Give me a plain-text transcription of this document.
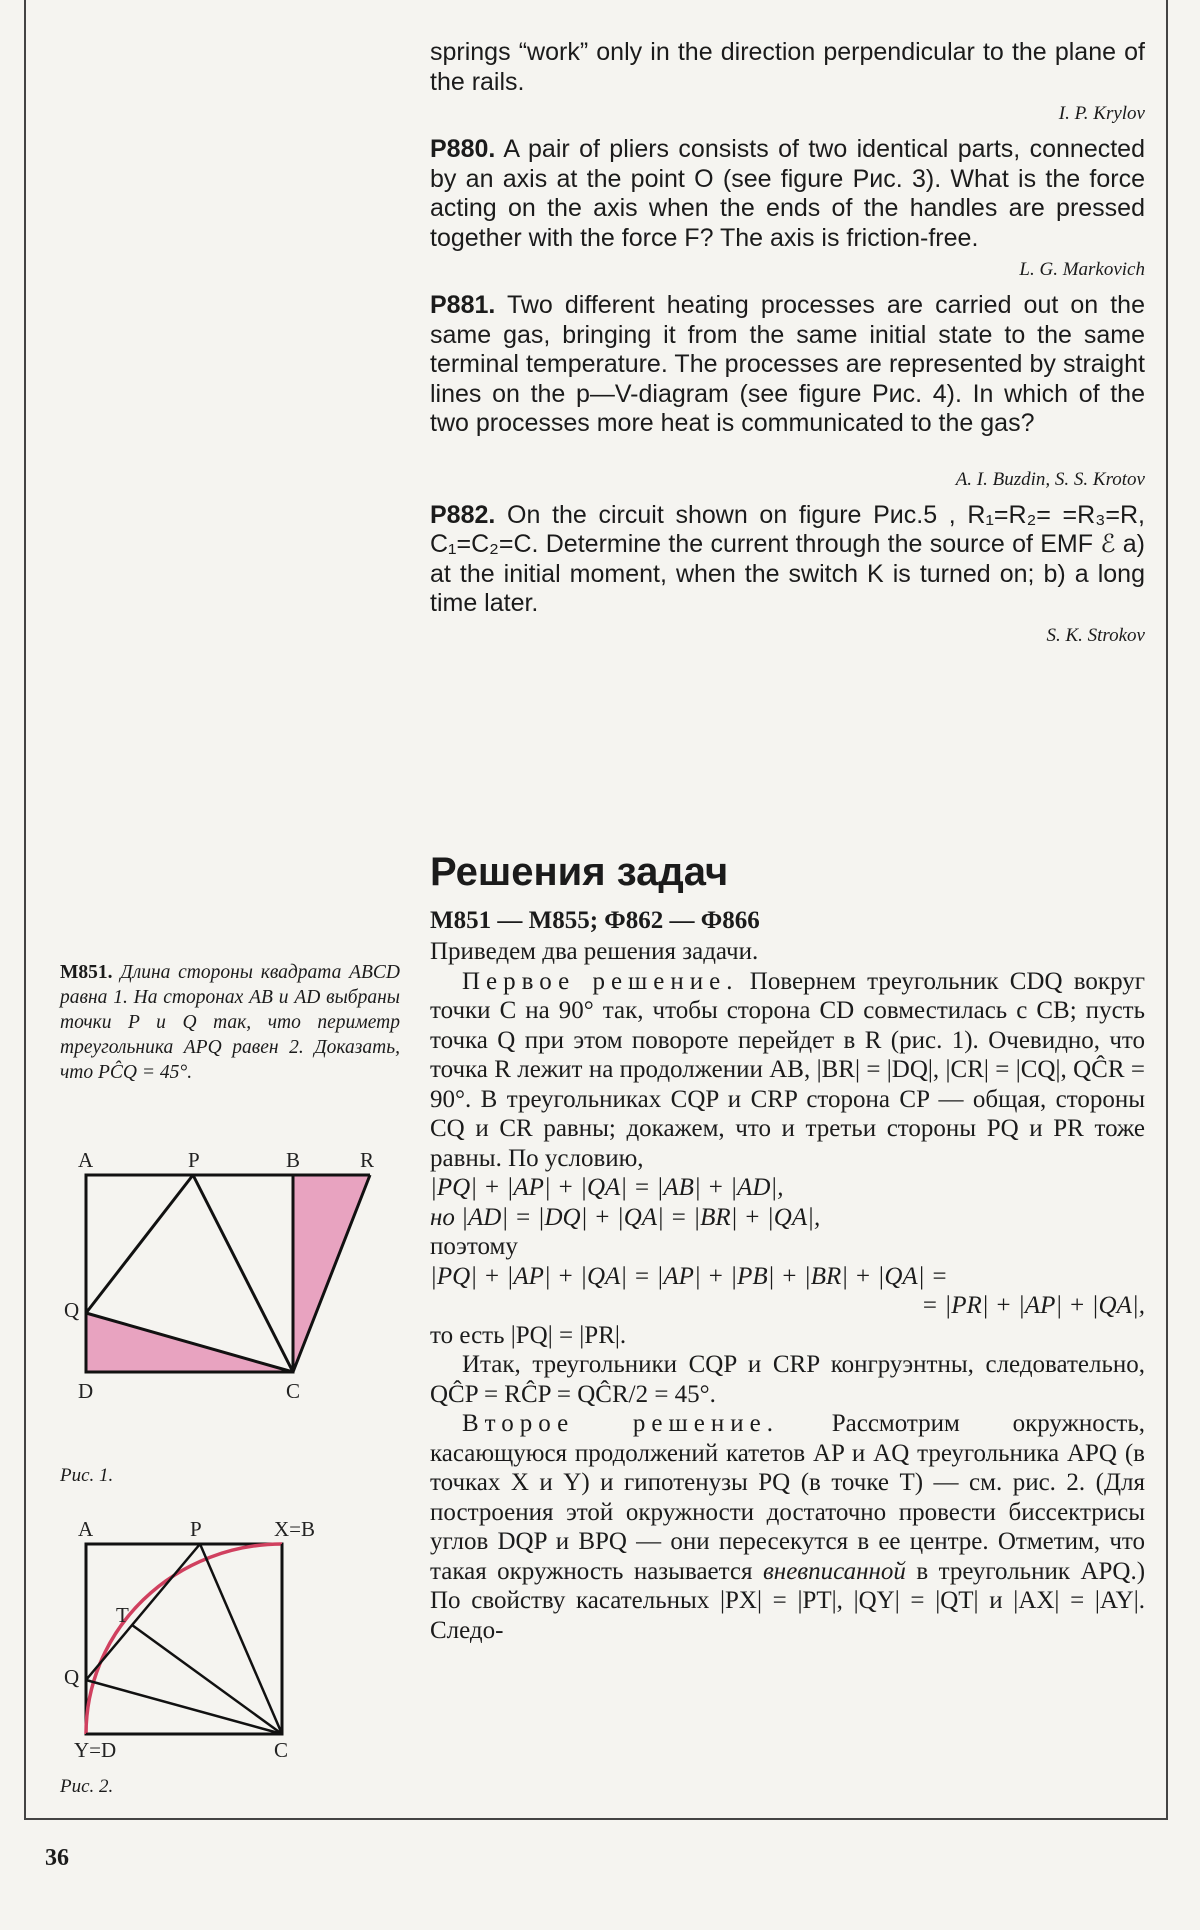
springs “work” only in the direction perpendicular to the plane of the rails.

I. P. Krylov

P880. A pair of pliers consists of two identical parts, connected by an axis at the point O (see figure Рис. 3). What is the force acting on the axis when the ends of the handles are pressed together with the force F? The axis is friction-free.

L. G. Markovich

P881. Two different heating processes are carried out on the same gas, bringing it from the same initial state to the same terminal temperature. The processes are represented by straight lines on the p—V-diagram (see figure Рис. 4). In which of the two processes more heat is communicated to the gas?

A. I. Buzdin, S. S. Krotov

P882. On the circuit shown on figure Рис.5 , R₁=R₂= =R₃=R, C₁=C₂=C. Determine the current through the source of EMF ℰ a) at the initial moment, when the switch K is turned on; b) a long time later.

S. K. Strokov

Решения задач

М851 — М855; Ф862 — Ф866

Приведем два решения задачи.

Первое решение. Повернем треугольник CDQ вокруг точки C на 90° так, чтобы сторона CD совместилась с CB; пусть точка Q при этом повороте перейдет в R (рис. 1). Очевидно, что точка R лежит на продолжении AB, |BR| = |DQ|, |CR| = |CQ|, QĈR = 90°. В треугольниках CQP и CRP сторона CP — общая, стороны CQ и CR равны; докажем, что и третьи стороны PQ и PR тоже равны. По условию,

|PQ| + |AP| + |QA| = |AB| + |AD|,

но |AD| = |DQ| + |QA| = |BR| + |QA|,

поэтому

|PQ| + |AP| + |QA| = |AP| + |PB| + |BR| + |QA| =

= |PR| + |AP| + |QA|,

то есть |PQ| = |PR|.

Итак, треугольники CQP и CRP конгруэнтны, следовательно, QĈP = RĈP = QĈR/2 = 45°.

Второе решение. Рассмотрим окружность, касающуюся продолжений катетов AP и AQ треугольника APQ (в точках X и Y) и гипотенузы PQ (в точке T) — см. рис. 2. (Для построения этой окружности достаточно провести биссектрисы углов DQP и BPQ — они пересекутся в ее центре. Отметим, что такая окружность называется вневписанной в треугольник APQ.) По свойству касательных |PX| = |PT|, |QY| = |QT| и |AX| = |AY|. Следо-

М851. Длина стороны квадрата ABCD равна 1. На сторонах AB и AD выбраны точки P и Q так, что периметр треугольника APQ равен 2. Доказать, что PĈQ = 45°.
A	P	B	R
Q
D	C
Рис. 1.
A	P	X=B
T
Q
Y=D	C
Рис. 2.
36
